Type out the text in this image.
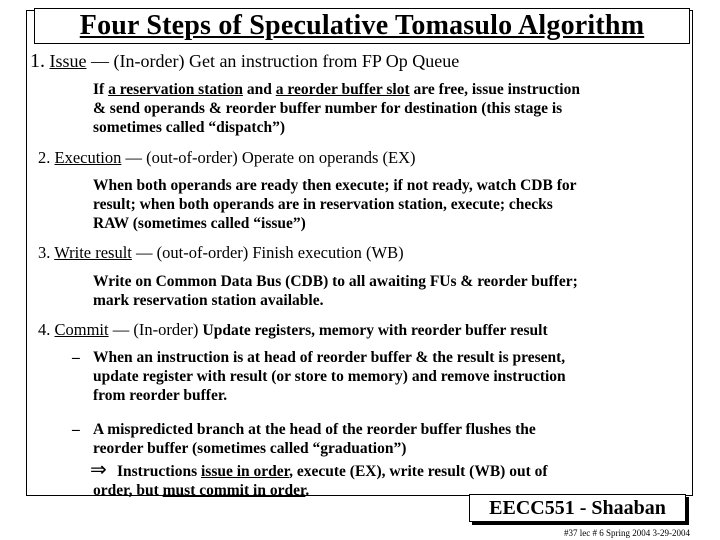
Four Steps of Speculative Tomasulo Algorithm
1. Issue — (In-order) Get an instruction from FP Op Queue
If a reservation station and a reorder buffer slot are free, issue instruction
& send operands & reorder buffer number for destination (this stage is
sometimes called “dispatch”)
2. Execution — (out-of-order) Operate on operands (EX)
When both operands are ready then execute; if not ready, watch CDB for
result; when both operands are in reservation station, execute; checks
RAW (sometimes called “issue”)
3. Write result — (out-of-order) Finish execution (WB)
Write on Common Data Bus (CDB) to all awaiting FUs & reorder buffer;
mark reservation station available.
4. Commit — (In-order) Update registers, memory with reorder buffer result
– When an instruction is at head of reorder buffer & the result is present,
update register with result (or store to memory) and remove instruction
from reorder buffer.
– A mispredicted branch at the head of the reorder buffer flushes the
reorder buffer (sometimes called “graduation”)
⇒ Instructions issue in order, execute (EX), write result (WB) out of
order, but must commit in order.
EECC551 - Shaaban
#37 lec # 6 Spring 2004 3-29-2004
